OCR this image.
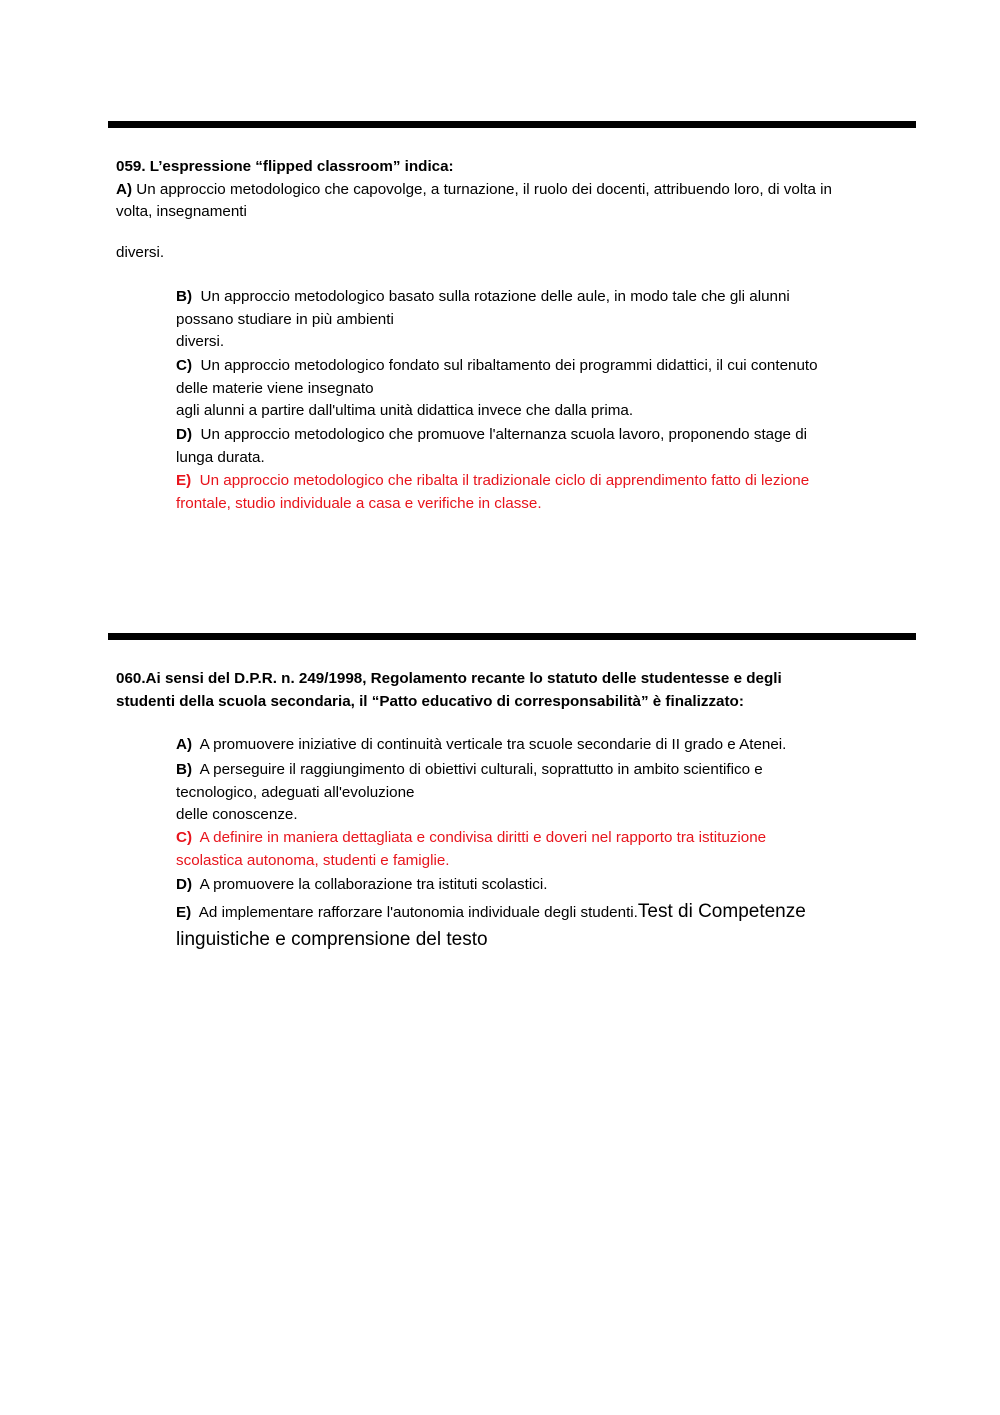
059. L’espressione “flipped classroom” indica:
A) Un approccio metodologico che capovolge, a turnazione, il ruolo dei docenti, attribuendo loro, di volta in
volta, insegnamenti
diversi.
B) Un approccio metodologico basato sulla rotazione delle aule, in modo tale che gli alunni
possano studiare in più ambienti
diversi.
C) Un approccio metodologico fondato sul ribaltamento dei programmi didattici, il cui contenuto
delle materie viene insegnato
agli alunni a partire dall'ultima unità didattica invece che dalla prima.
D) Un approccio metodologico che promuove l'alternanza scuola lavoro, proponendo stage di
lunga durata.
E) Un approccio metodologico che ribalta il tradizionale ciclo di apprendimento fatto di lezione
frontale, studio individuale a casa e verifiche in classe.
060.Ai sensi del D.P.R. n. 249/1998, Regolamento recante lo statuto delle studentesse e degli
studenti della scuola secondaria, il “Patto educativo di corresponsabilità” è finalizzato:
A) A promuovere iniziative di continuità verticale tra scuole secondarie di II grado e Atenei.
B) A perseguire il raggiungimento di obiettivi culturali, soprattutto in ambito scientifico e
tecnologico, adeguati all'evoluzione
delle conoscenze.
C) A definire in maniera dettagliata e condivisa diritti e doveri nel rapporto tra istituzione
scolastica autonoma, studenti e famiglie.
D) A promuovere la collaborazione tra istituti scolastici.
E) Ad implementare rafforzare l'autonomia individuale degli studenti.Test di Competenze
linguistiche e comprensione del testo
